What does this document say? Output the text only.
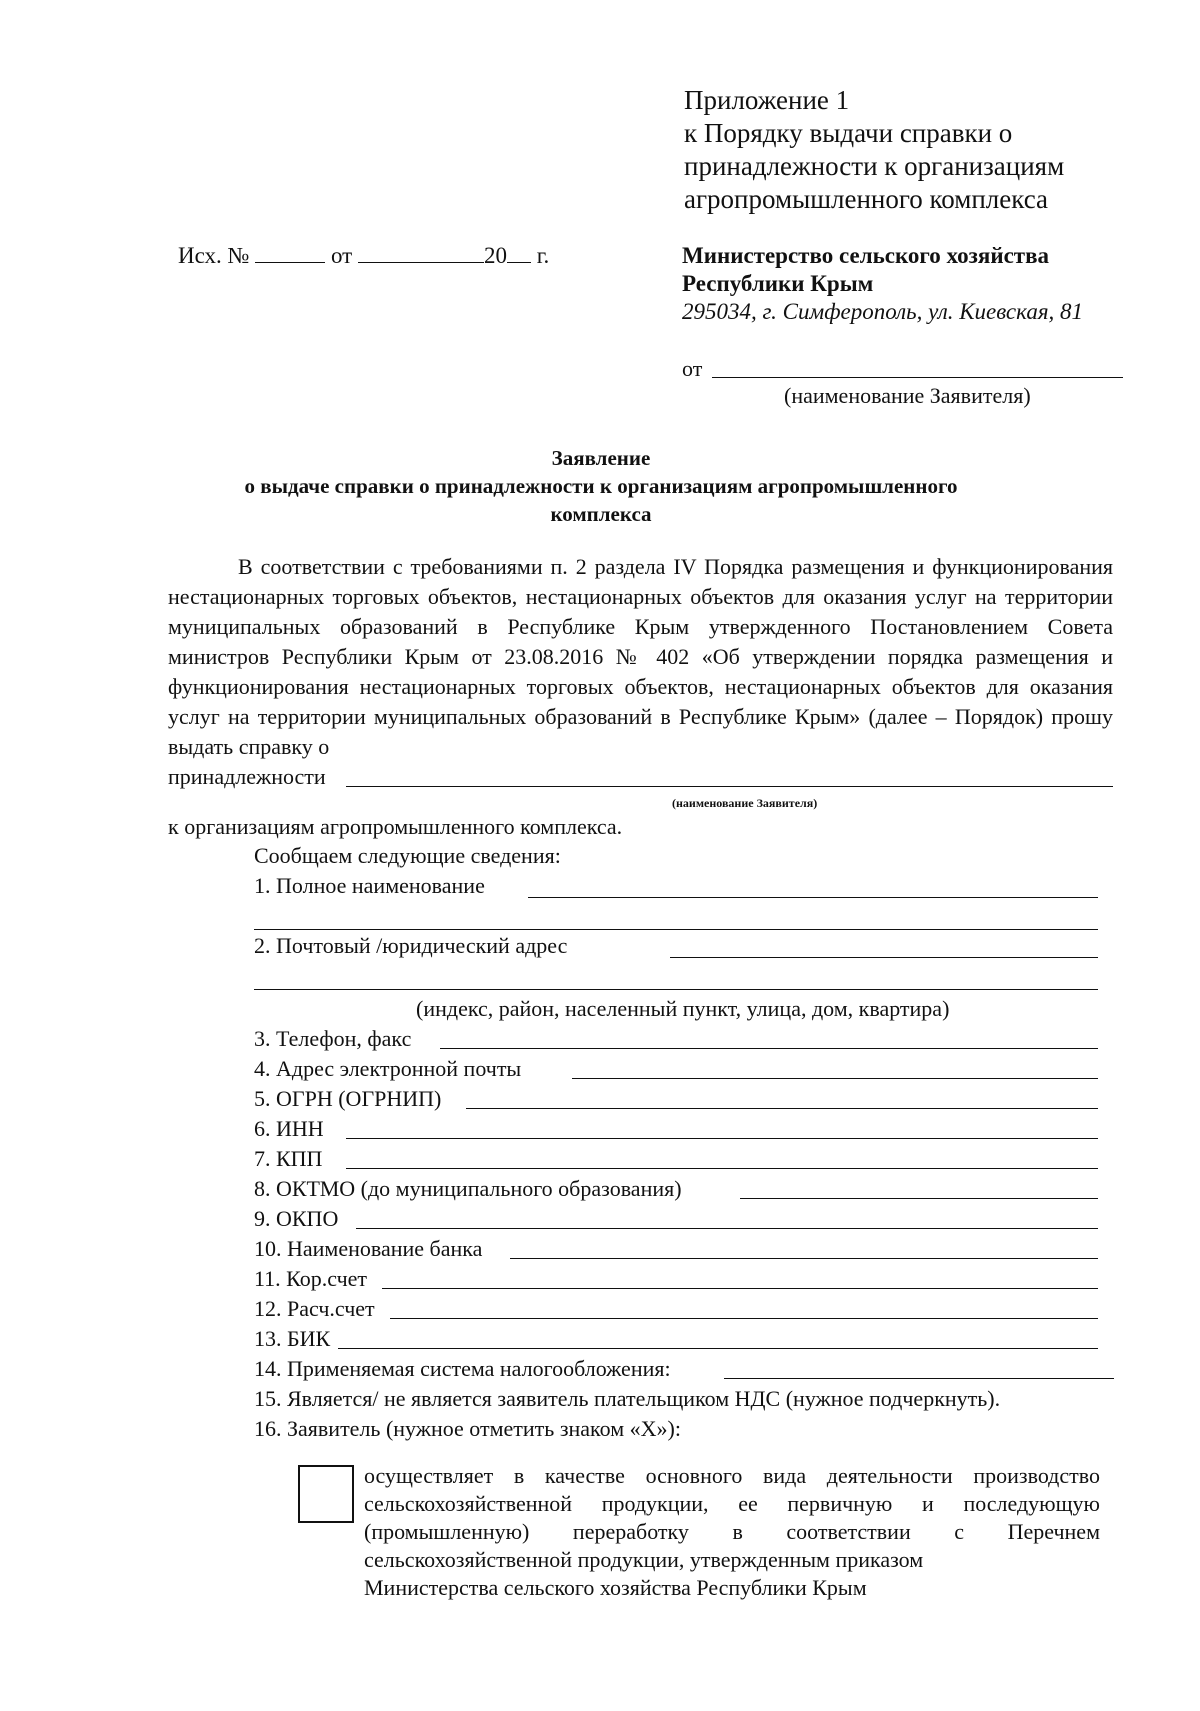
Приложение 1
к Порядку выдачи справки о
принадлежности к организациям
агропромышленного комплекса
Исх. №	от	20 г.	Министерство сельского хозяйства
Республики Крым
295034, г. Симферополь, ул. Киевская, 81
от
(наименование Заявителя)
Заявление
о выдаче справки о принадлежности к организациям агропромышленного
комплекса

В соответствии с требованиями п. 2 раздела IV Порядка размещения и функционирования нестационарных торговых объектов, нестационарных объектов для оказания услуг на территории муниципальных образований в Республике Крым утвержденного Постановлением Совета министров Республики Крым от 23.08.2016 № 402 «Об утверждении порядка размещения и функционирования нестационарных торговых объектов, нестационарных объектов для оказания услуг на территории муниципальных образований в Республике Крым» (далее – Порядок) прошу выдать справку о

принадлежности
(наименование Заявителя)
к организациям агропромышленного комплекса.
Сообщаем следующие сведения:
1. Полное наименование
2. Почтовый /юридический адрес
(индекс, район, населенный пункт, улица, дом, квартира)
3. Телефон, факс
4. Адрес электронной почты
5. ОГРН (ОГРНИП)
6. ИНН
7. КПП
8. ОКТМО (до муниципального образования)
9. ОКПО
10. Наименование банка
11. Кор.счет
12. Расч.счет
13. БИК
14. Применяемая система налогообложения:
15. Является/ не является заявитель плательщиком НДС (нужное подчеркнуть).
16. Заявитель (нужное отметить знаком «Х»):
осуществляет в качестве основного вида деятельности производство сельскохозяйственной продукции, ее первичную и последующую (промышленную) переработку в соответствии с Перечнем сельскохозяйственной продукции, утвержденным приказом
Министерства сельского хозяйства Республики Крым
